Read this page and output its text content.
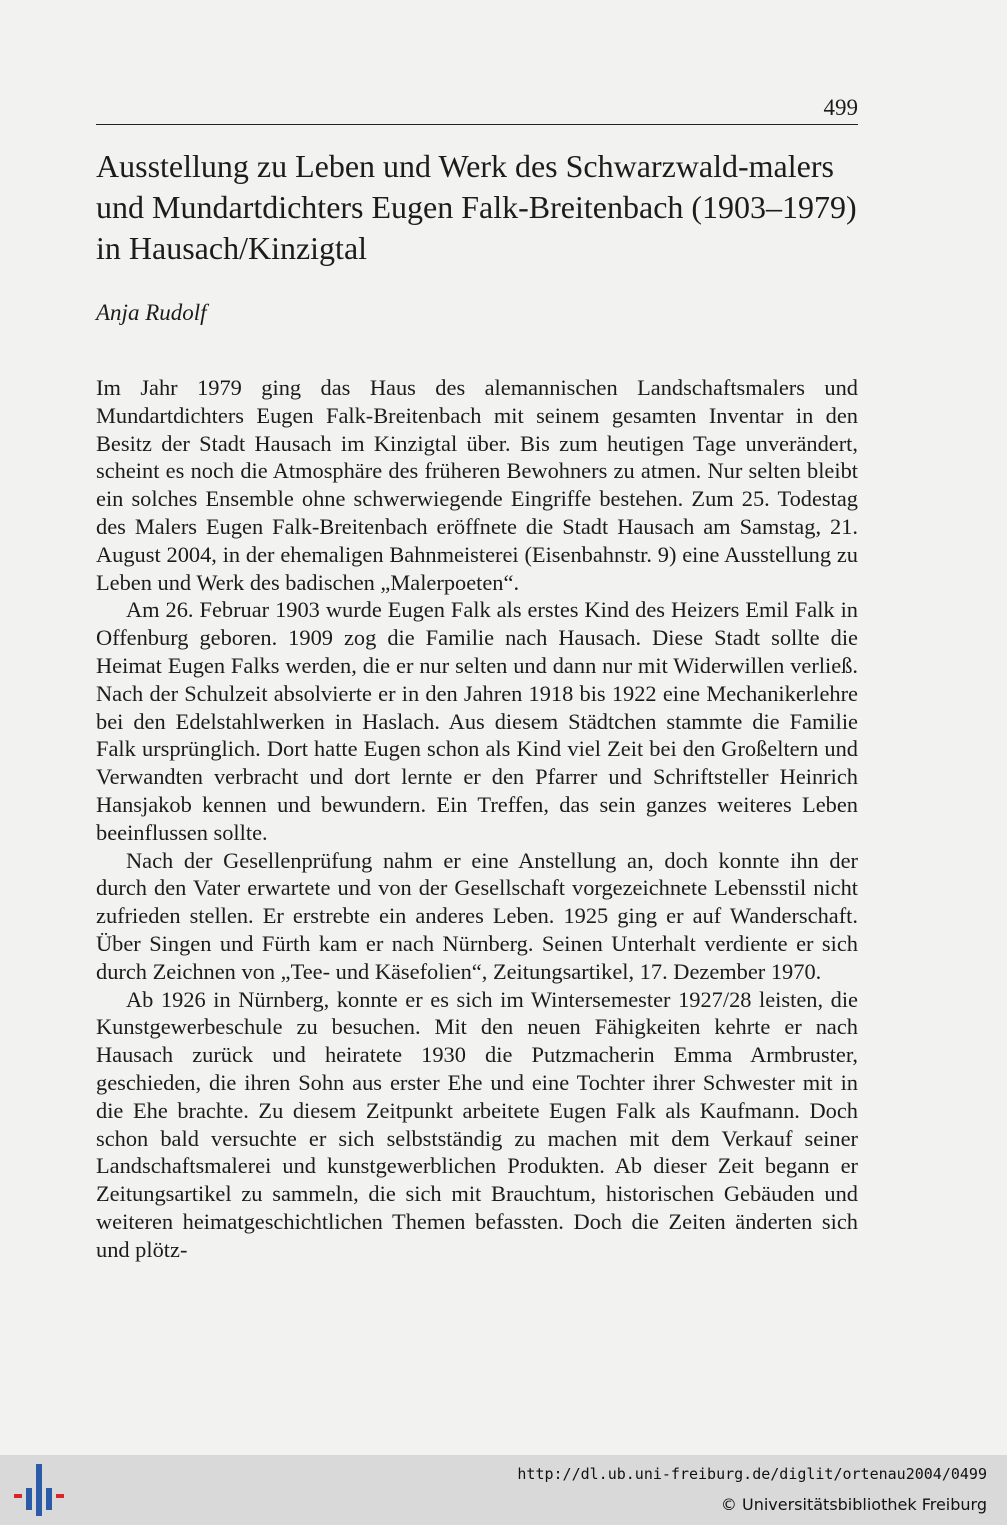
499
Ausstellung zu Leben und Werk des Schwarzwald-malers und Mundartdichters Eugen Falk-Breitenbach (1903–1979) in Hausach/Kinzigtal
Anja Rudolf

Im Jahr 1979 ging das Haus des alemannischen Landschaftsmalers und Mundartdichters Eugen Falk-Breitenbach mit seinem gesamten Inventar in den Besitz der Stadt Hausach im Kinzigtal über. Bis zum heutigen Tage unverändert, scheint es noch die Atmosphäre des früheren Bewohners zu atmen. Nur selten bleibt ein solches Ensemble ohne schwerwiegende Eingriffe bestehen. Zum 25. Todestag des Malers Eugen Falk-Breitenbach eröffnete die Stadt Hausach am Samstag, 21. August 2004, in der ehemaligen Bahnmeisterei (Eisenbahnstr. 9) eine Ausstellung zu Leben und Werk des badischen „Malerpoeten“.

Am 26. Februar 1903 wurde Eugen Falk als erstes Kind des Heizers Emil Falk in Offenburg geboren. 1909 zog die Familie nach Hausach. Diese Stadt sollte die Heimat Eugen Falks werden, die er nur selten und dann nur mit Widerwillen verließ. Nach der Schulzeit absolvierte er in den Jahren 1918 bis 1922 eine Mechanikerlehre bei den Edelstahlwerken in Haslach. Aus diesem Städtchen stammte die Familie Falk ursprünglich. Dort hatte Eugen schon als Kind viel Zeit bei den Großeltern und Verwandten verbracht und dort lernte er den Pfarrer und Schriftsteller Heinrich Hansjakob kennen und bewundern. Ein Treffen, das sein ganzes weiteres Leben beeinflussen sollte.

Nach der Gesellenprüfung nahm er eine Anstellung an, doch konnte ihn der durch den Vater erwartete und von der Gesellschaft vorgezeichnete Lebensstil nicht zufrieden stellen. Er erstrebte ein anderes Leben. 1925 ging er auf Wanderschaft. Über Singen und Fürth kam er nach Nürnberg. Seinen Unterhalt verdiente er sich durch Zeichnen von „Tee- und Käsefolien“, Zeitungsartikel, 17. Dezember 1970.

Ab 1926 in Nürnberg, konnte er es sich im Wintersemester 1927/28 leisten, die Kunstgewerbeschule zu besuchen. Mit den neuen Fähigkeiten kehrte er nach Hausach zurück und heiratete 1930 die Putzmacherin Emma Armbruster, geschieden, die ihren Sohn aus erster Ehe und eine Tochter ihrer Schwester mit in die Ehe brachte. Zu diesem Zeitpunkt arbeitete Eugen Falk als Kaufmann. Doch schon bald versuchte er sich selbstständig zu machen mit dem Verkauf seiner Landschaftsmalerei und kunstgewerblichen Produkten. Ab dieser Zeit begann er Zeitungsartikel zu sammeln, die sich mit Brauchtum, historischen Gebäuden und weiteren heimatgeschichtlichen Themen befassten. Doch die Zeiten änderten sich und plötz-

http://dl.ub.uni-freiburg.de/diglit/ortenau2004/0499
© Universitätsbibliothek Freiburg
